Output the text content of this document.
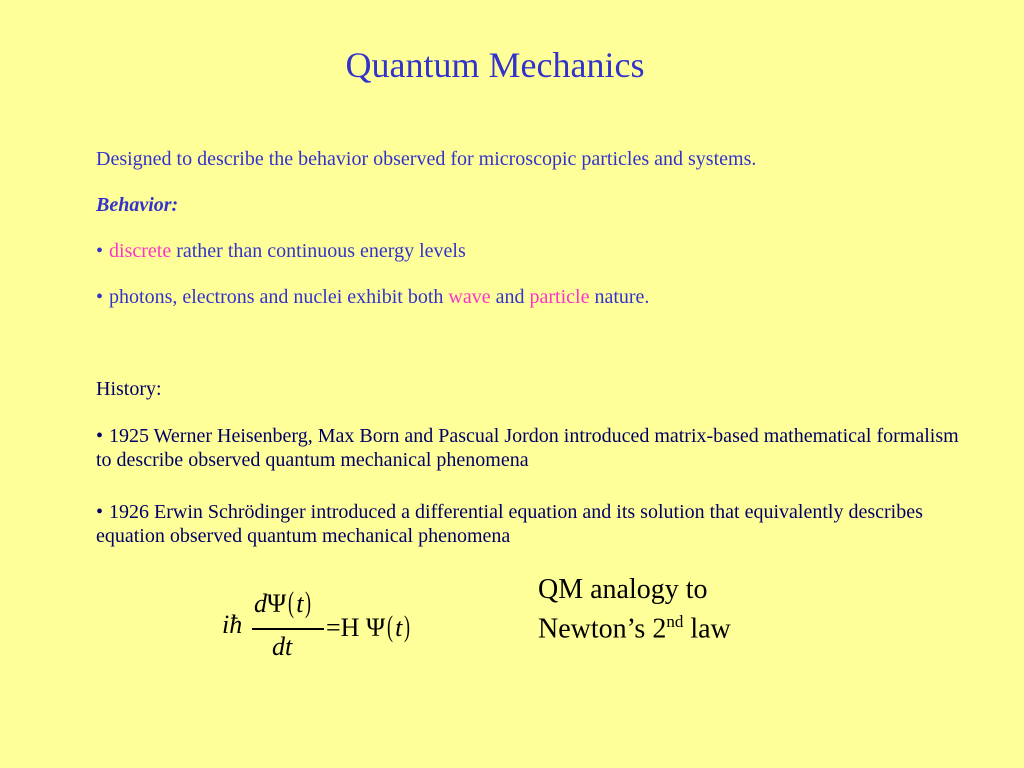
Quantum Mechanics
Designed to describe the behavior observed for microscopic particles and systems.
Behavior:
• discrete rather than continuous energy levels
• photons, electrons and nuclei exhibit both wave and particle nature.
History:
• 1925 Werner Heisenberg, Max Born and Pascual Jordon introduced matrix-based mathematical formalism to describe observed quantum mechanical phenomena
• 1926 Erwin Schrödinger introduced a differential equation and its solution that equivalently describes equation observed quantum mechanical phenomena
iħ
dΨ(t)
dt
=H Ψ(t)
QM analogy to
Newton’s 2nd law
